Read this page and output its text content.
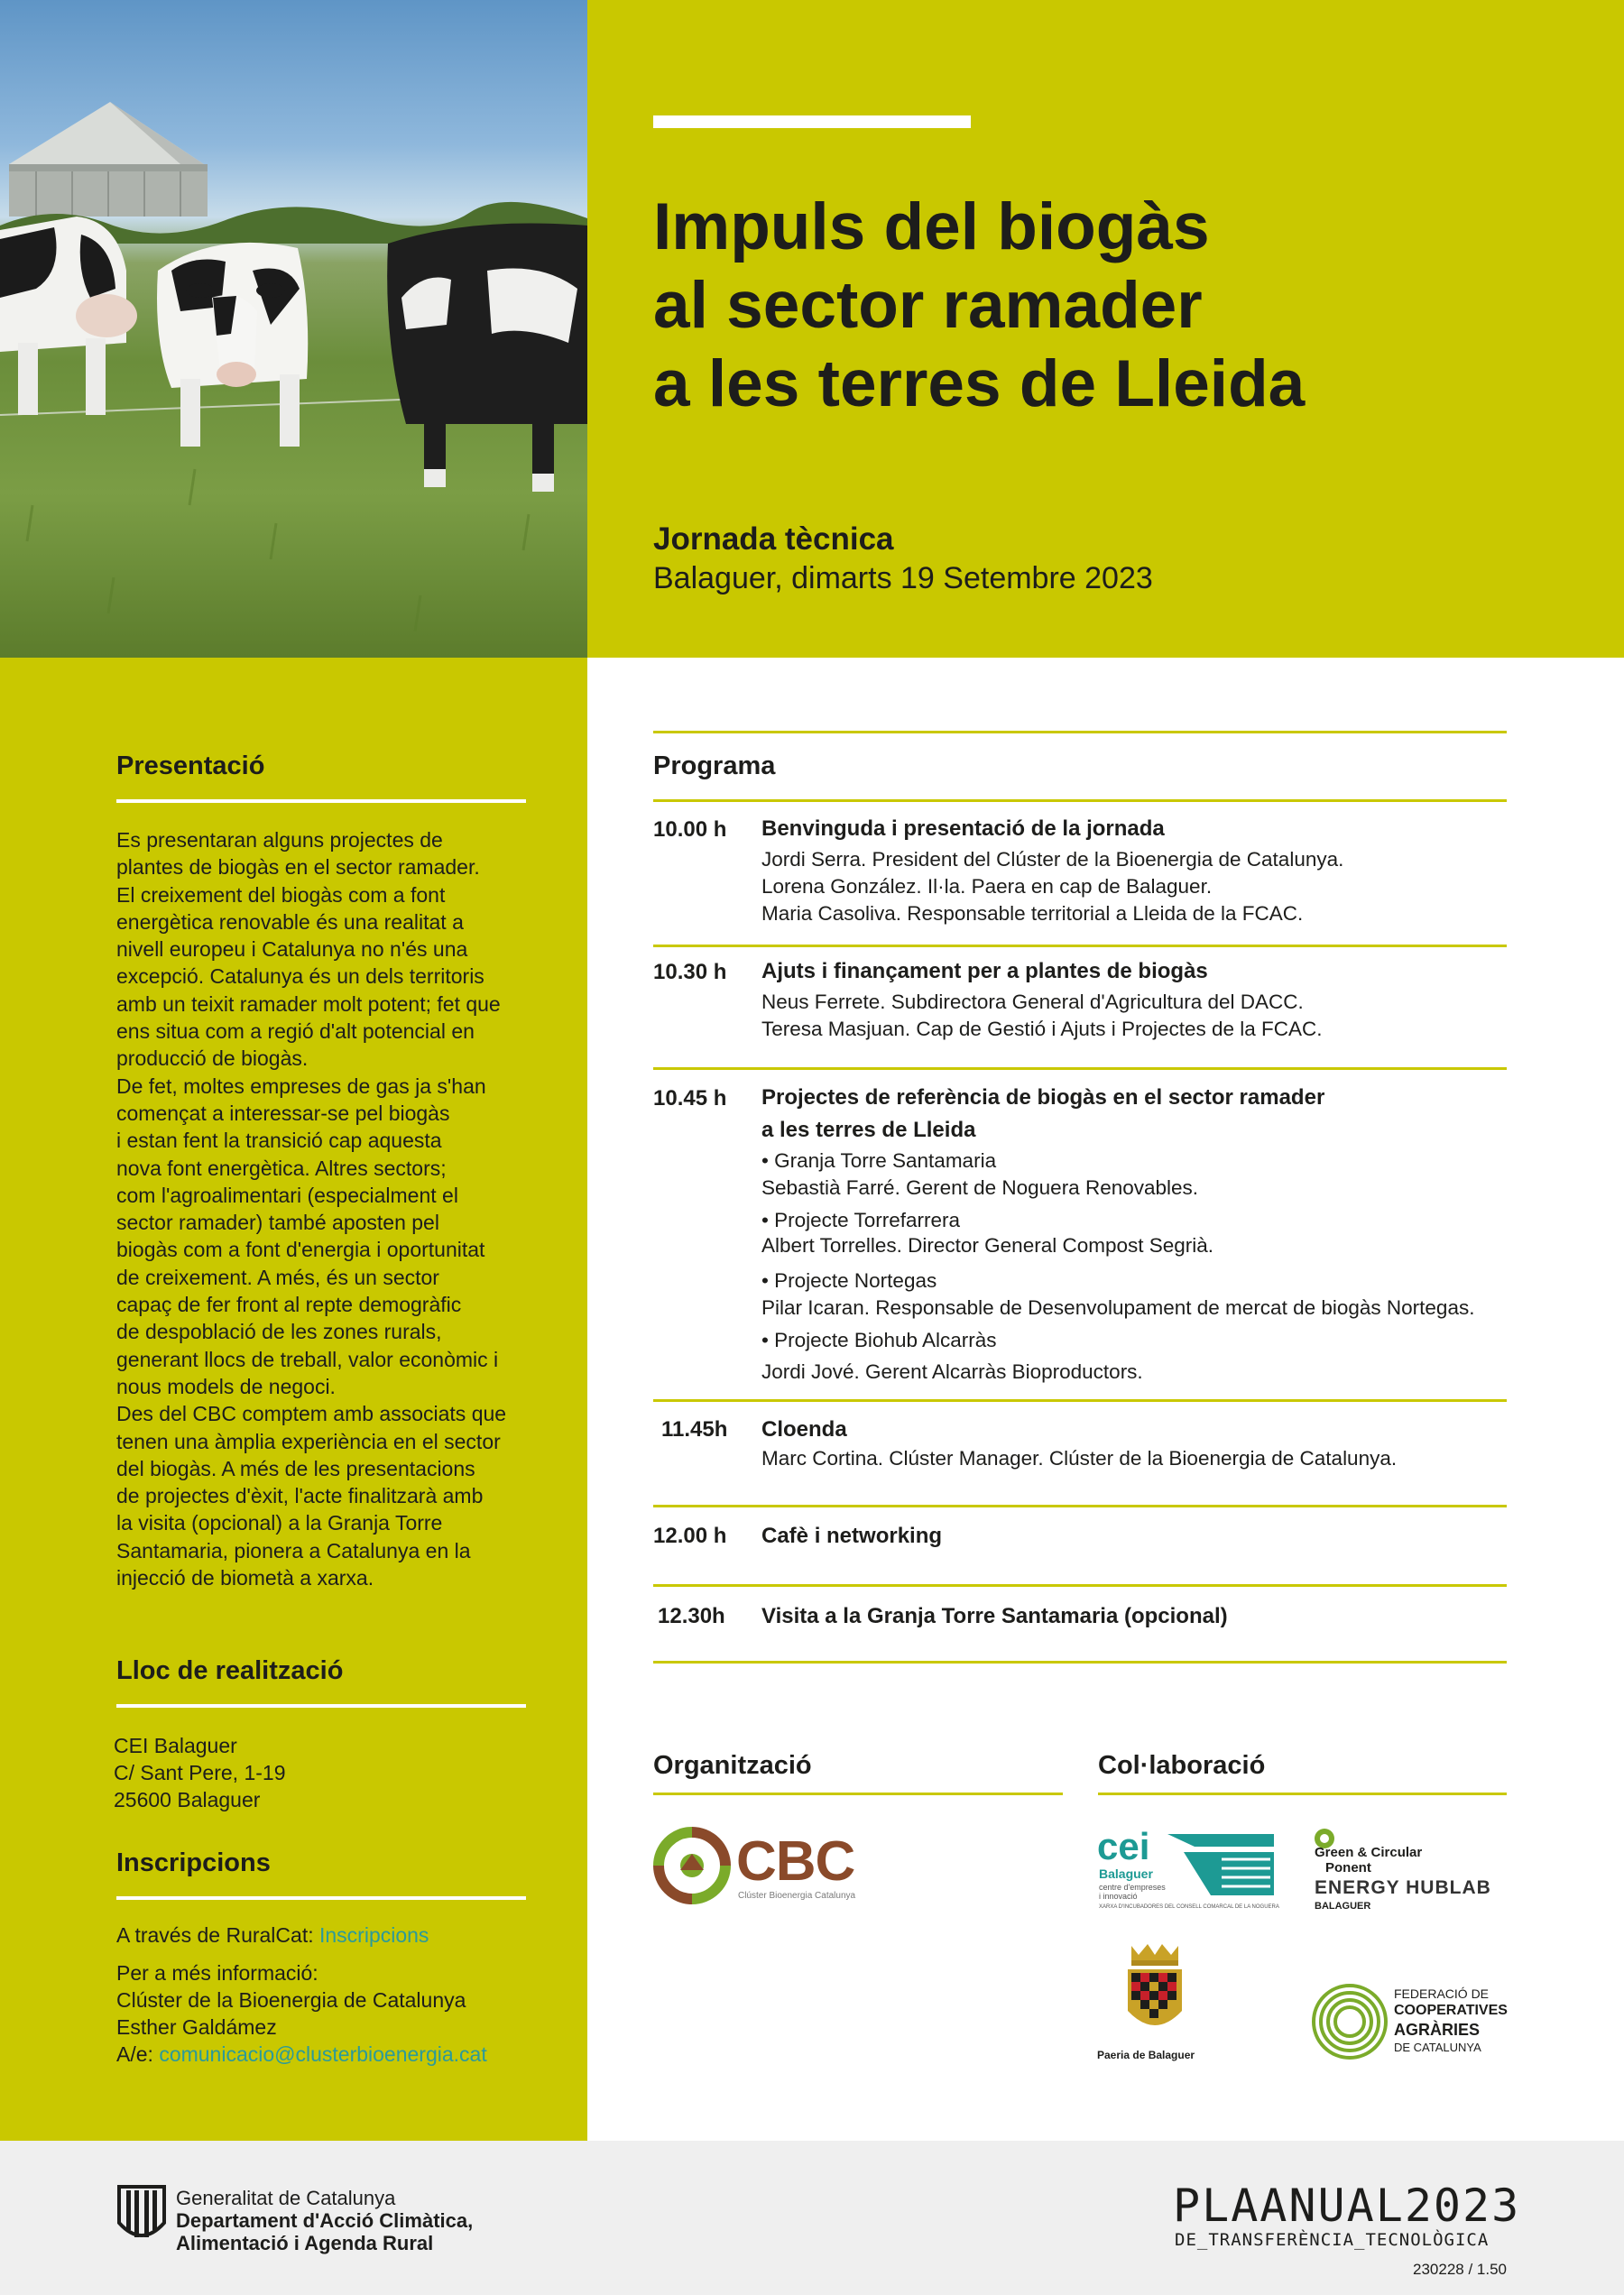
Impuls del biogàs
al sector ramader
a les terres de Lleida
Jornada tècnica
Balaguer, dimarts 19 Setembre 2023
Presentació

Es presentaran alguns projectes de
plantes de biogàs en el sector ramader.
El creixement del biogàs com a font
energètica renovable és una realitat a
nivell europeu i Catalunya no n'és una
excepció. Catalunya és un dels territoris
amb un teixit ramader molt potent; fet que
ens situa com a regió d'alt potencial en
producció de biogàs.

De fet, moltes empreses de gas ja s'han
començat a interessar-se pel biogàs
i estan fent la transició cap aquesta
nova font energètica. Altres sectors;
com l'agroalimentari (especialment el
sector ramader) també aposten pel
biogàs com a font d'energia i oportunitat
de creixement. A més, és un sector
capaç de fer front al repte demogràfic
de despoblació de les zones rurals,
generant llocs de treball, valor econòmic i
nous models de negoci.

Des del CBC comptem amb associats que
tenen una àmplia experiència en el sector
del biogàs. A més de les presentacions
de projectes d'èxit, l'acte finalitzarà amb
la visita (opcional) a la Granja Torre
Santamaria, pionera a Catalunya en la
injecció de biometà a xarxa.

Lloc de realització
CEI Balaguer
C/ Sant Pere, 1-19
25600 Balaguer
Inscripcions
A través de RuralCat: Inscripcions
Per a més informació:
Clúster de la Bioenergia de Catalunya
Esther Galdámez
A/e: comunicacio@clusterbioenergia.cat
Programa
10.00 h Benvinguda i presentació de la jornada
Jordi Serra. President del Clúster de la Bioenergia de Catalunya.
Lorena González. Il·la. Paera en cap de Balaguer.
Maria Casoliva. Responsable territorial a Lleida de la FCAC.
10.30 h Ajuts i finançament per a plantes de biogàs
Neus Ferrete. Subdirectora General d'Agricultura del DACC.
Teresa Masjuan. Cap de Gestió i Ajuts i Projectes de la FCAC.
10.45 h Projectes de referència de biogàs en el sector ramader
a les terres de Lleida
• Granja Torre Santamaria
Sebastià Farré. Gerent de Noguera Renovables.
• Projecte Torrefarrera
Albert Torrelles. Director General Compost Segrià.
• Projecte Nortegas
Pilar Icaran. Responsable de Desenvolupament de mercat de biogàs Nortegas.
• Projecte Biohub Alcarràs
Jordi Jové. Gerent Alcarràs Bioproductors.
11.45h Cloenda
Marc Cortina. Clúster Manager. Clúster de la Bioenergia de Catalunya.
12.00 h Cafè i networking
12.30h Visita a la Granja Torre Santamaria (opcional)
Organització	Col·laboració
CBC
Clúster Bioenergia Catalunya
cei
Balaguer
centre d'empreses
i innovació
XARXA D'INCUBADORES DEL CONSELL COMARCAL DE LA NOGUERA
Green & Circular
Ponent
ENERGY HUBLAB
BALAGUER
Paeria de Balaguer
FEDERACIÓ DE
COOPERATIVES
AGRÀRIES
DE CATALUNYA
Generalitat de Catalunya
Departament d'Acció Climàtica,
Alimentació i Agenda Rural
PLAANUAL2023
DE_TRANSFERÈNCIA_TECNOLÒGICA
230228 / 1.50
